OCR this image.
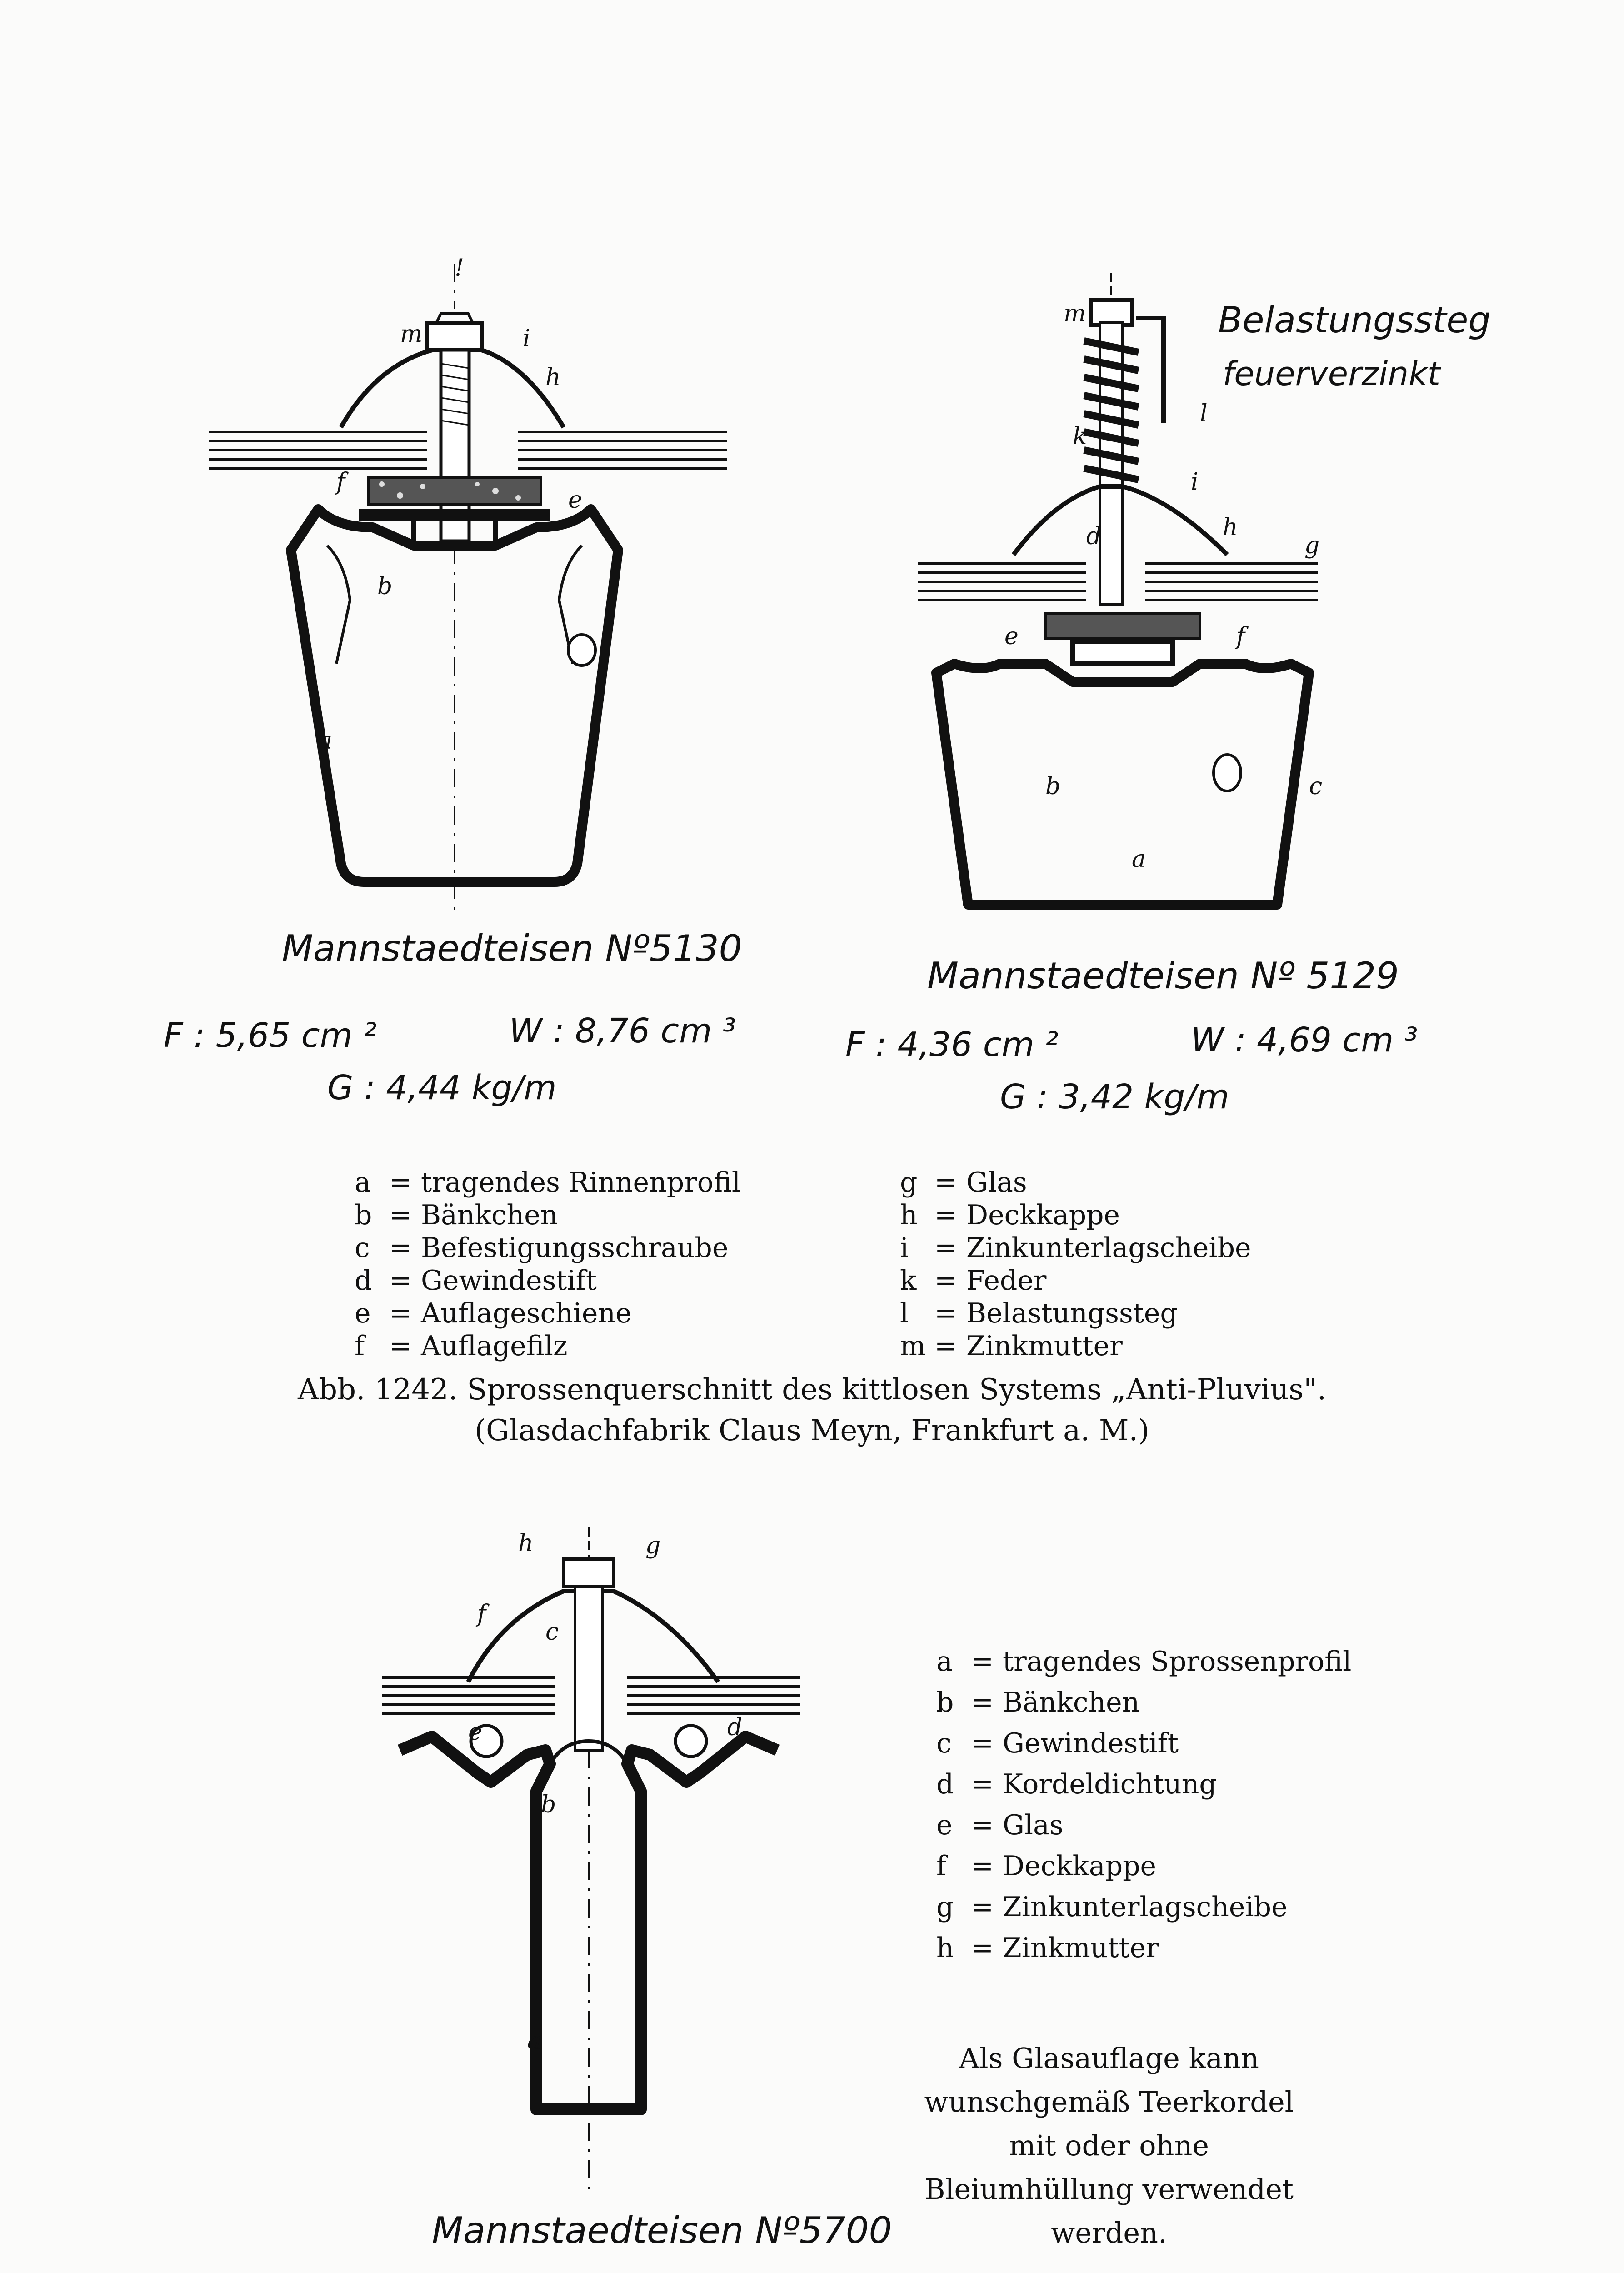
!
m	i
h
f
e
b
a
Mannstaedteisen Nº5130
F : 5,65 cm ²	W : 8,76 cm ³
G : 4,44 kg/m
Belastungssteg
feuerverzinkt
m
l
k
i
d	h
g
e	f
b	c
a
Mannstaedteisen Nº 5129
F : 4,36 cm ²	W : 4,69 cm ³
G : 3,42 kg/m
a = tragendes Rinnenprofil
b = Bänkchen
c = Befestigungsschraube
d = Gewindestift
e = Auflageschiene
f = Auflagefilz
g = Glas
h = Deckkappe
i = Zinkunterlagscheibe
k = Feder
l = Belastungssteg
m = Zinkmutter
Abb. 1242. Sprossenquerschnitt des kittlosen Systems „Anti-Pluvius".
(Glasdachfabrik Claus Meyn, Frankfurt a. M.)
h	g
f
c
e	d
b
a
Mannstaedteisen Nº5700
a = tragendes Sprossenprofil
b = Bänkchen
c = Gewindestift
d = Kordeldichtung
e = Glas
f = Deckkappe
g = Zinkunterlagscheibe
h = Zinkmutter
Als Glasauflage kann
wunschgemäß Teerkordel
mit oder ohne
Bleiumhüllung verwendet
werden.
